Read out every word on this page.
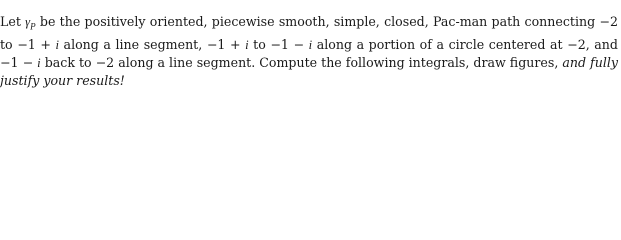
Let $\gamma_P$ be the positively oriented, piecewise smooth, simple, closed, Pac-man path connecting −2
to −1 + i along a line segment, −1 + i to −1 − i along a portion of a circle centered at −2, and
−1 − i back to −2 along a line segment. Compute the following integrals, draw figures, and fully
justify your results!
